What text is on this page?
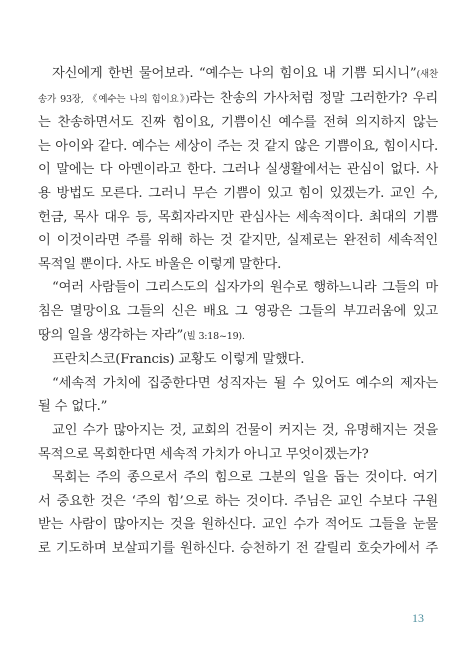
자신에게 한번 물어보라. “예수는 나의 힘이요 내 기쁨 되시니”(새찬
송가 93장, 《예수는 나의 힘이요》)라는 찬송의 가사처럼 정말 그러한가? 우리
는 찬송하면서도 진짜 힘이요, 기쁨이신 예수를 전혀 의지하지 않는
는 아이와 같다. 예수는 세상이 주는 것 같지 않은 기쁨이요, 힘이시다.
이 말에는 다 아멘이라고 한다. 그러나 실생활에서는 관심이 없다. 사
용 방법도 모른다. 그러니 무슨 기쁨이 있고 힘이 있겠는가. 교인 수,
헌금, 목사 대우 등, 목회자라지만 관심사는 세속적이다. 최대의 기쁨
이 이것이라면 주를 위해 하는 것 같지만, 실제로는 완전히 세속적인
목적일 뿐이다. 사도 바울은 이렇게 말한다.
“여러 사람들이 그리스도의 십자가의 원수로 행하느니라 그들의 마
침은 멸망이요 그들의 신은 배요 그 영광은 그들의 부끄러움에 있고
땅의 일을 생각하는 자라”(빌 3:18~19).
프란치스코(Francis) 교황도 이렇게 말했다.
“세속적 가치에 집중한다면 성직자는 될 수 있어도 예수의 제자는
될 수 없다.”
교인 수가 많아지는 것, 교회의 건물이 커지는 것, 유명해지는 것을
목적으로 목회한다면 세속적 가치가 아니고 무엇이겠는가?
목회는 주의 종으로서 주의 힘으로 그분의 일을 돕는 것이다. 여기
서 중요한 것은 ‘주의 힘’으로 하는 것이다. 주님은 교인 수보다 구원
받는 사람이 많아지는 것을 원하신다. 교인 수가 적어도 그들을 눈물
로 기도하며 보살피기를 원하신다. 승천하기 전 갈릴리 호숫가에서 주
13
